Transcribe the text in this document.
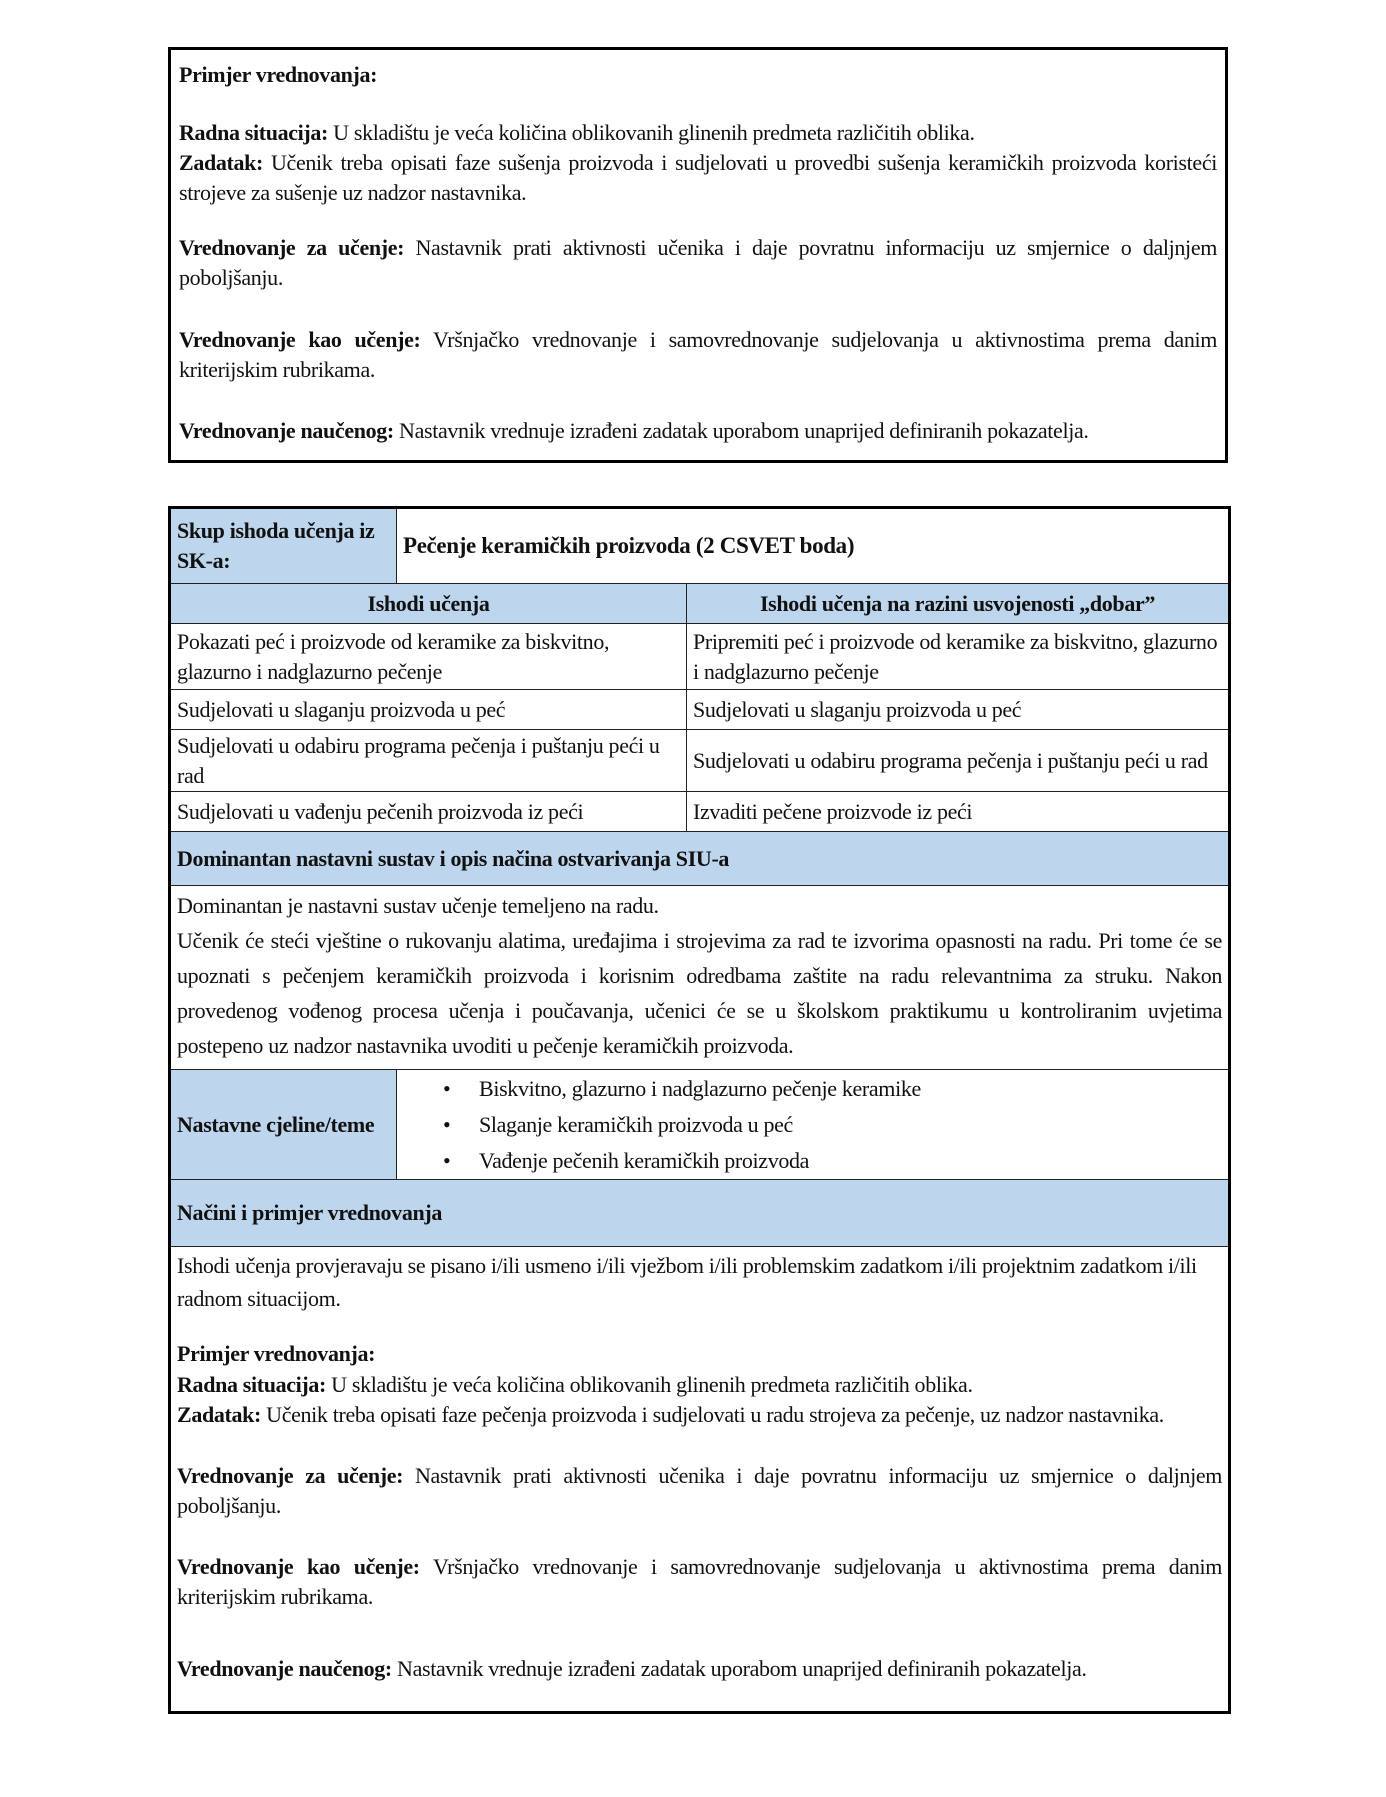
Primjer vrednovanja:
Radna situacija: U skladištu je veća količina oblikovanih glinenih predmeta različitih oblika.
Zadatak: Učenik treba opisati faze sušenja proizvoda i sudjelovati u provedbi sušenja keramičkih proizvoda koristeći strojeve za sušenje uz nadzor nastavnika.
Vrednovanje za učenje: Nastavnik prati aktivnosti učenika i daje povratnu informaciju uz smjernice o daljnjem poboljšanju.
Vrednovanje kao učenje: Vršnjačko vrednovanje i samovrednovanje sudjelovanja u aktivnostima prema danim kriterijskim rubrikama.
Vrednovanje naučenog: Nastavnik vrednuje izrađeni zadatak uporabom unaprijed definiranih pokazatelja.
Skup ishoda učenja iz SK-a:	Pečenje keramičkih proizvoda (2 CSVET boda)	
Ishodi učenja		Ishodi učenja na razini usvojenosti „dobar”
Pokazati peć i proizvode od keramike za biskvitno, glazurno i nadglazurno pečenje		Pripremiti peć i proizvode od keramike za biskvitno, glazurno i nadglazurno pečenje
Sudjelovati u slaganju proizvoda u peć		Sudjelovati u slaganju proizvoda u peć
Sudjelovati u odabiru programa pečenja i puštanju peći u rad		Sudjelovati u odabiru programa pečenja i puštanju peći u rad
Sudjelovati u vađenju pečenih proizvoda iz peći		Izvaditi pečene proizvode iz peći
Dominantan nastavni sustav i opis načina ostvarivanja SIU-a		

Dominantan je nastavni sustav učenje temeljeno na radu.
Učenik će steći vještine o rukovanju alatima, uređajima i strojevima za rad te izvorima opasnosti na radu. Pri tome će se upoznati s pečenjem keramičkih proizvoda i korisnim odredbama zaštite na radu relevantnima za struku. Nakon provedenog vođenog procesa učenja i poučavanja, učenici će se u školskom praktikumu u kontroliranim uvjetima postepeno uz nadzor nastavnika uvoditi u pečenje keramičkih proizvoda.		

Nastavne cjeline/teme	
• Biskvitno, glazurno i nadglazurno pečenje keramike
• Slaganje keramičkih proizvoda u peć
• Vađenje pečenih keramičkih proizvoda

Načini i primjer vrednovanja		

Ishodi učenja provjeravaju se pisano i/ili usmeno i/ili vježbom i/ili problemskim zadatkom i/ili projektnim zadatkom i/ili radnom situacijom.
Primjer vrednovanja:
Radna situacija: U skladištu je veća količina oblikovanih glinenih predmeta različitih oblika.
Zadatak: Učenik treba opisati faze pečenja proizvoda i sudjelovati u radu strojeva za pečenje, uz nadzor nastavnika.
Vrednovanje za učenje: Nastavnik prati aktivnosti učenika i daje povratnu informaciju uz smjernice o daljnjem poboljšanju.
Vrednovanje kao učenje: Vršnjačko vrednovanje i samovrednovanje sudjelovanja u aktivnostima prema danim kriterijskim rubrikama.
Vrednovanje naučenog: Nastavnik vrednuje izrađeni zadatak uporabom unaprijed definiranih pokazatelja.
